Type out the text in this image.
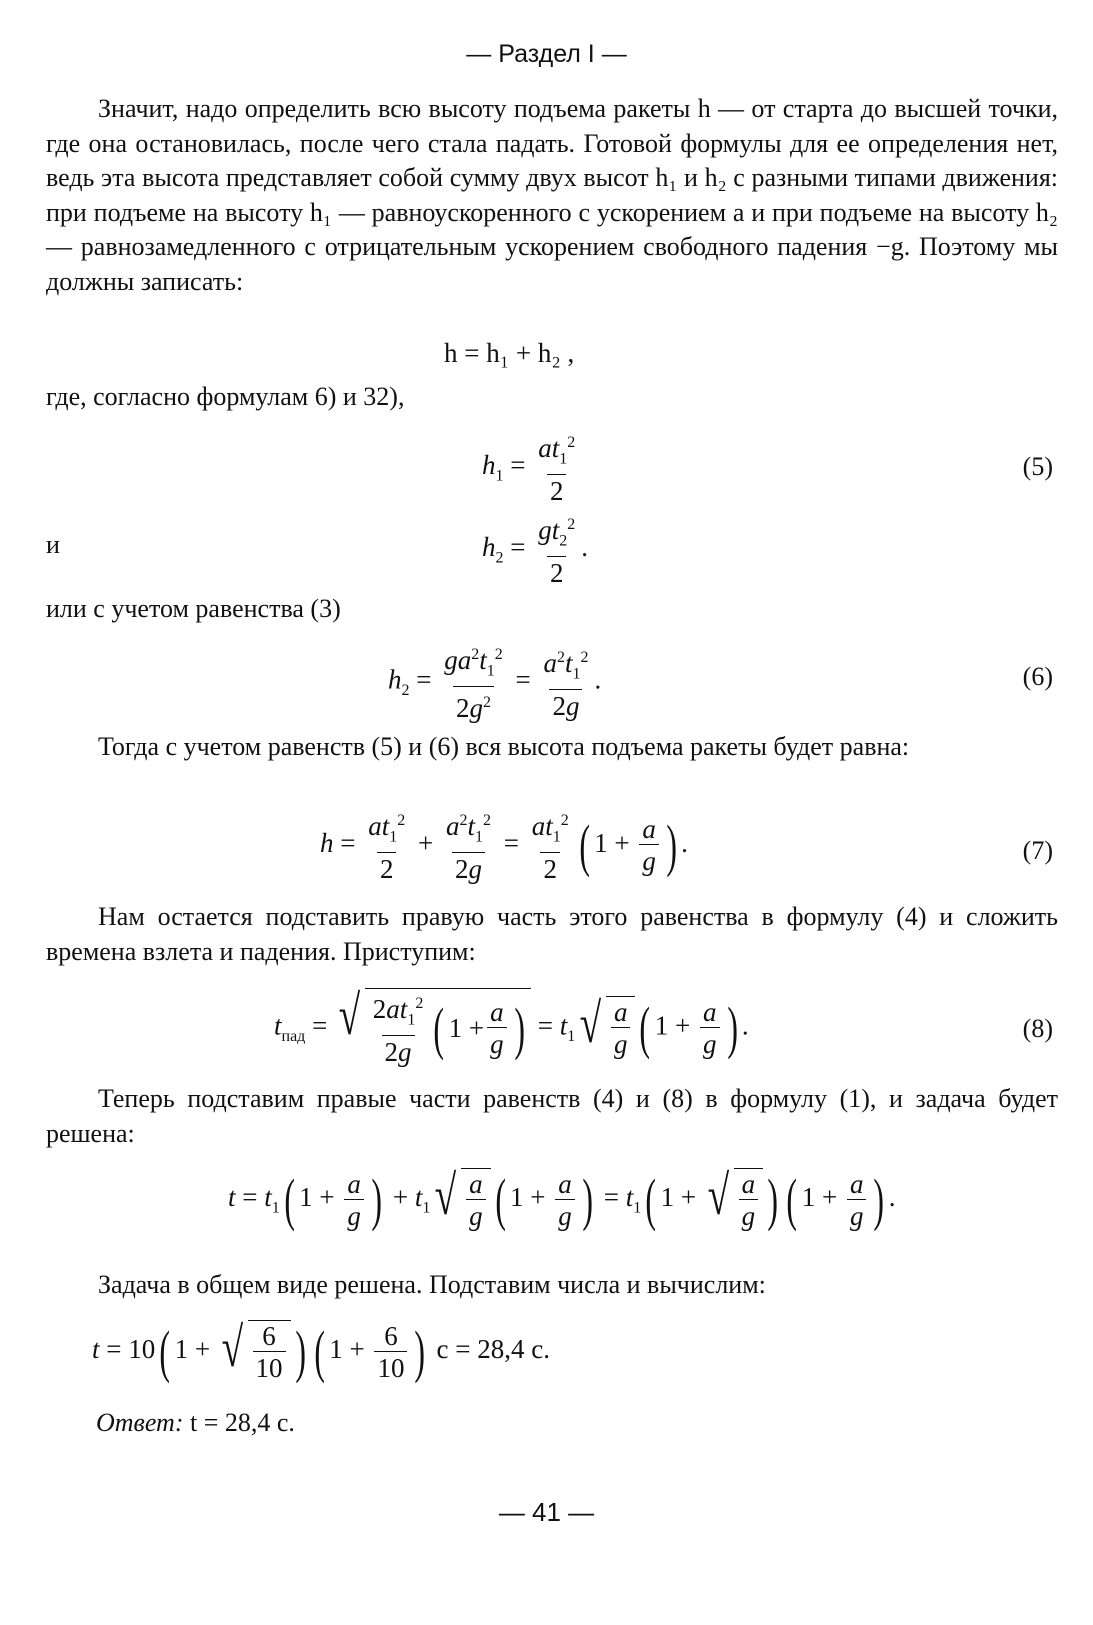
— Раздел I —
Значит, надо определить всю высоту подъема ракеты h — от старта до высшей точки, где она остановилась, после чего стала падать. Готовой формулы для ее определения нет, ведь эта высота представляет собой сумму двух высот h₁ и h₂ с разными типами движения: при подъеме на высоту h₁ — равноускоренного с ускорением a и при подъеме на высоту h₂ — равнозамедленного с отрицательным ускорением свободного падения −g. Поэтому мы должны записать:
h = h₁ + h₂ ,
где, согласно формулам 6) и 32),
$h_1 = \frac{at_1^2}{2}$	(5)
и	$h_2 = \frac{gt_2^2}{2}$ .
или с учетом равенства (3)
$h_2 = \frac{ga^2t_1^2}{2g^2} = \frac{a^2t_1^2}{2g}$ .	(6)
Тогда с учетом равенств (5) и (6) вся высота подъема ракеты будет равна:
$h = \frac{at_1^2}{2} + \frac{a^2t_1^2}{2g} = \frac{at_1^2}{2}$ ( $1 + \frac{a}{g}$ ) .	(7)
Нам остается подставить правую часть этого равенства в формулу (4) и сложить времена взлета и падения. Приступим:
$t_{пад}$ = √ $\frac{2at_1^2}{2g}$ ( $1 + \frac{a}{g}$ ) = $t_1$ √ $\frac{a}{g}$ ( $1 + \frac{a}{g}$ ) .	(8)
Теперь подставим правые части равенств (4) и (8) в формулу (1), и задача будет решена:
$t = t_1$( $1 + \frac{a}{g}$ ) + $t_1$ √ $\frac{a}{g}$ ( $1 + \frac{a}{g}$ ) = $t_1$( 1 + √ $\frac{a}{g}$ ) ( $1 + \frac{a}{g}$ ) .
Задача в общем виде решена. Подставим числа и вычислим:
t = 10( 1 + √ $\frac{6}{10}$ ) ( $1 + \frac{6}{10}$ ) с = 28,4 с.
Ответ: t = 28,4 с.
— 41 —
